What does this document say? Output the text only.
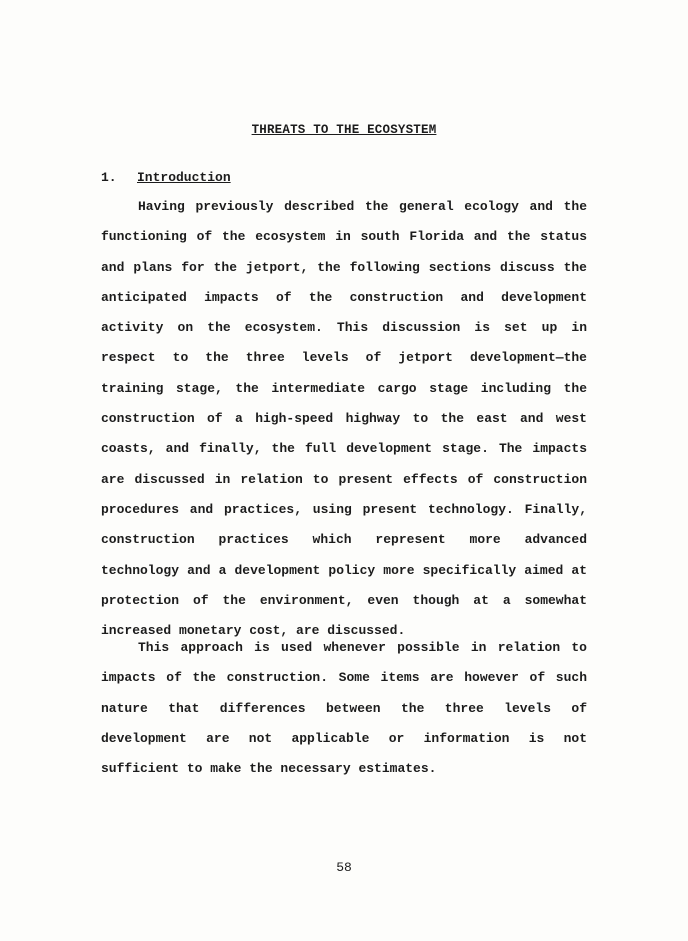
THREATS TO THE ECOSYSTEM
1. Introduction

Having previously described the general ecology and the functioning of the ecosystem in south Florida and the status and plans for the jetport, the following sections discuss the anticipated impacts of the construction and development activity on the ecosystem. This discussion is set up in respect to the three levels of jetport development—the training stage, the intermediate cargo stage including the construction of a high-speed highway to the east and west coasts, and finally, the full development stage. The impacts are discussed in relation to present effects of construction procedures and practices, using present technology. Finally, construction practices which represent more advanced technology and a development policy more specifically aimed at protection of the environment, even though at a somewhat increased monetary cost, are discussed.

This approach is used whenever possible in relation to impacts of the construction. Some items are however of such nature that differences between the three levels of development are not applicable or information is not sufficient to make the necessary estimates.

58
